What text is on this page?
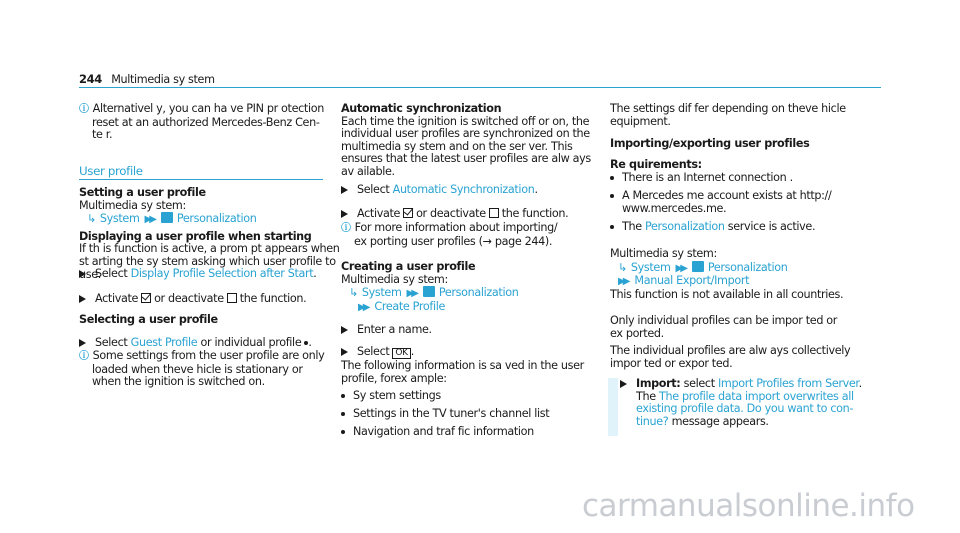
244 Multimedia sy stem
ⓘ Alternativel y, you can ha ve PIN pr otection
reset at an authorized Mercedes-Benz Cen-
te r.
User profile
Setting a user profile
Multimedia sy stem:
↳ System ▶▶ Personalization
Displaying a user profile when starting
If th is function is active, a prom pt appears when
st arting the sy stem asking which user profile to
use.
Select Display Profile Selection after Start.
Activate or deactivate the function.
Selecting a user profile
Select Guest Profile or individual profile .
ⓘ Some settings from the user profile are only
loaded when theve hicle is stationary or
when the ignition is switched on.
Automatic synchronization
Each time the ignition is switched off or on, the
individual user profiles are synchronized on the
multimedia sy stem and on the ser ver. This
ensures that the latest user profiles are alw ays
av ailable.
Select Automatic Synchronization.
Activate or deactivate the function.
ⓘ For more information about importing/
ex porting user profiles (→ page 244).
Creating a user profile
Multimedia sy stem:
↳ System ▶▶ Personalization
▶▶ Create Profile
Enter a name.
Select OK .
The following information is sa ved in the user
profile, forex ample:
Sy stem settings
Settings in the TV tuner's channel list
Navigation and traf fic information
The settings dif fer depending on theve hicle
equipment.
Importing/exporting user profiles
Re quirements:
There is an Internet connection .
A Mercedes me account exists at http://
www.mercedes.me.
The Personalization service is active.
Multimedia sy stem:
↳ System ▶▶ Personalization
▶▶ Manual Export/Import
This function is not available in all countries.
Only individual profiles can be impor ted or
ex ported.
The individual profiles are alw ays collectively
impor ted or expor ted.
Import: select Import Profiles from Server.
The The profile data import overwrites all
existing profile data. Do you want to con-
tinue? message appears.
carmanualsonline.info
